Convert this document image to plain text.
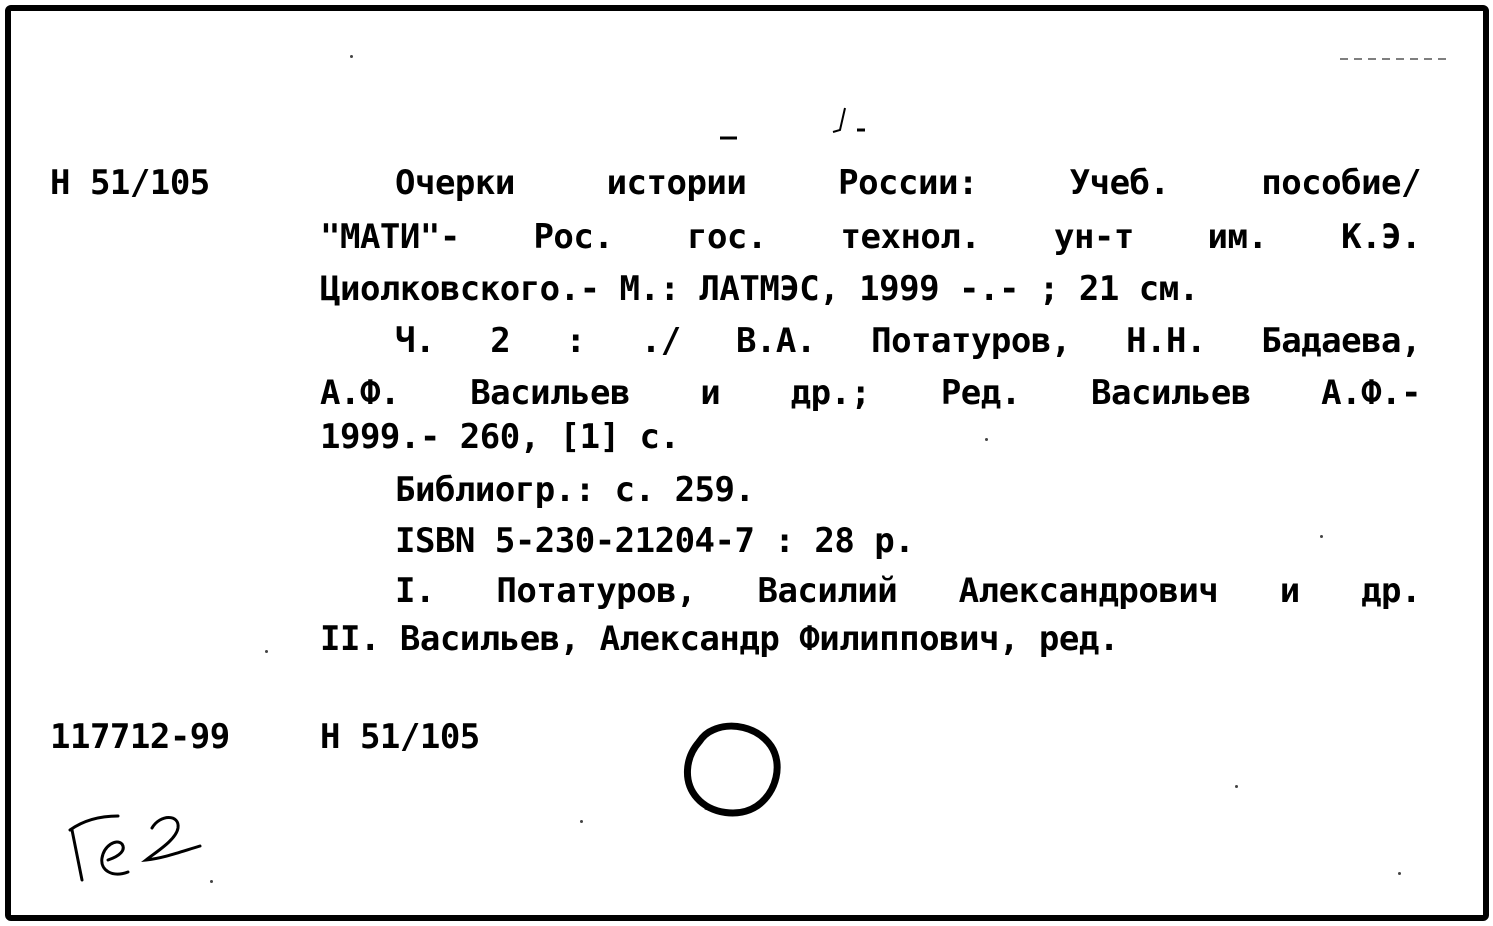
Н 51/105	Очерки истории России: Учеб. пособие/
"МАТИ"- Рос. гос. технол. ун-т им. К.Э.
Циолковского.- М.: ЛАТМЭС, 1999 -.- ; 21 см.
Ч. 2 : ./ В.А. Потатуров, Н.Н. Бадаева,
А.Ф. Васильев и др.; Ред. Васильев А.Ф.-
1999.- 260, [1] с.
Библиогр.: с. 259.
ISBN 5-230-21204-7 : 28 р.
I. Потатуров, Василий Александрович и др.
II. Васильев, Александр Филиппович, ред.
117712-99	Н 51/105
